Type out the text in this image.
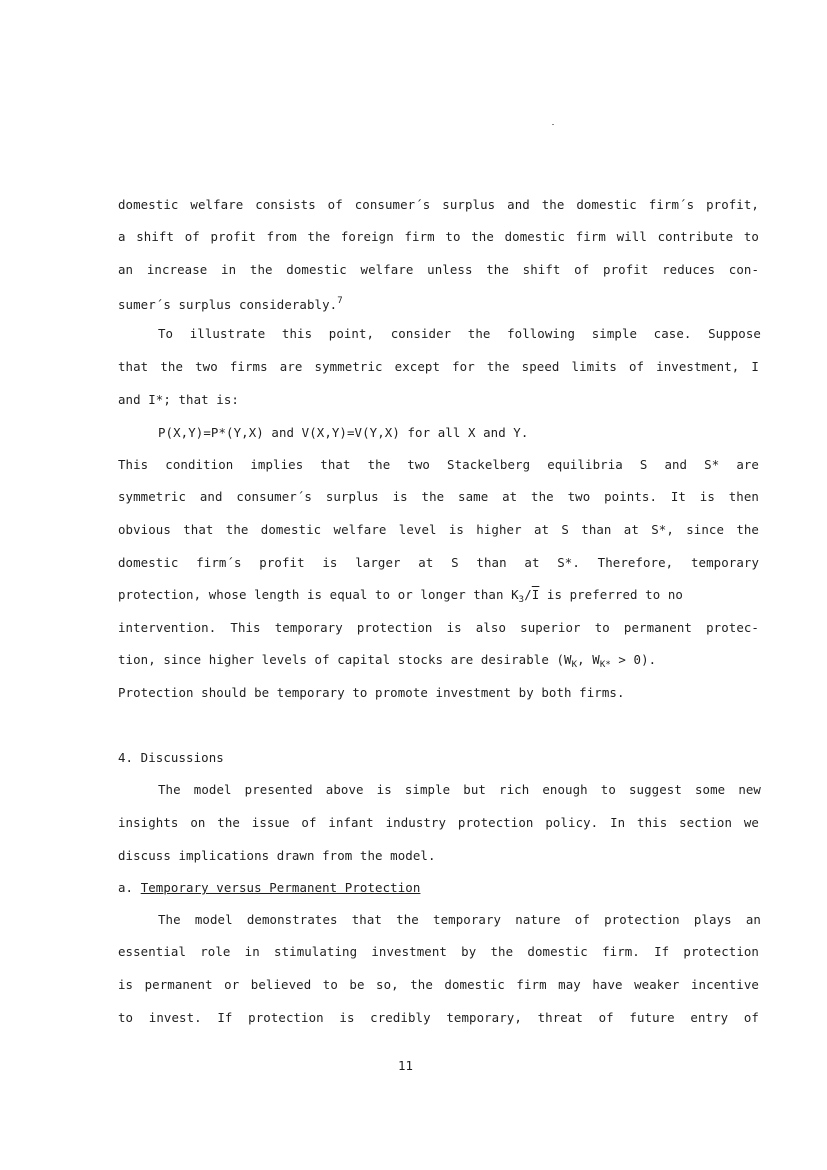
domestic welfare consists of consumer´s surplus and the domestic firm´s profit,
a shift of profit from the foreign firm to the domestic firm will contribute to
an increase in the domestic welfare unless the shift of profit reduces con-
sumer´s surplus considerably.$^7$
To illustrate this point, consider the following simple case. Suppose
that the two firms are symmetric except for the speed limits of investment, I
and I*; that is:
P(X,Y)=P*(Y,X) and V(X,Y)=V(Y,X) for all X and Y.
This condition implies that the two Stackelberg equilibria S and S* are
symmetric and consumer´s surplus is the same at the two points. It is then
obvious that the domestic welfare level is higher at S than at S*, since the
domestic firm´s profit is larger at S than at S*. Therefore, temporary
protection, whose length is equal to or longer than $K_3/\overline{I}$ is preferred to no
intervention. This temporary protection is also superior to permanent protec-
tion, since higher levels of capital stocks are desirable ($W_K$, $W_{K*} > 0$).
Protection should be temporary to promote investment by both firms.
4. Discussions
The model presented above is simple but rich enough to suggest some new
insights on the issue of infant industry protection policy. In this section we
discuss implications drawn from the model.
a. Temporary versus Permanent Protection
The model demonstrates that the temporary nature of protection plays an
essential role in stimulating investment by the domestic firm. If protection
is permanent or believed to be so, the domestic firm may have weaker incentive
to invest. If protection is credibly temporary, threat of future entry of
11
